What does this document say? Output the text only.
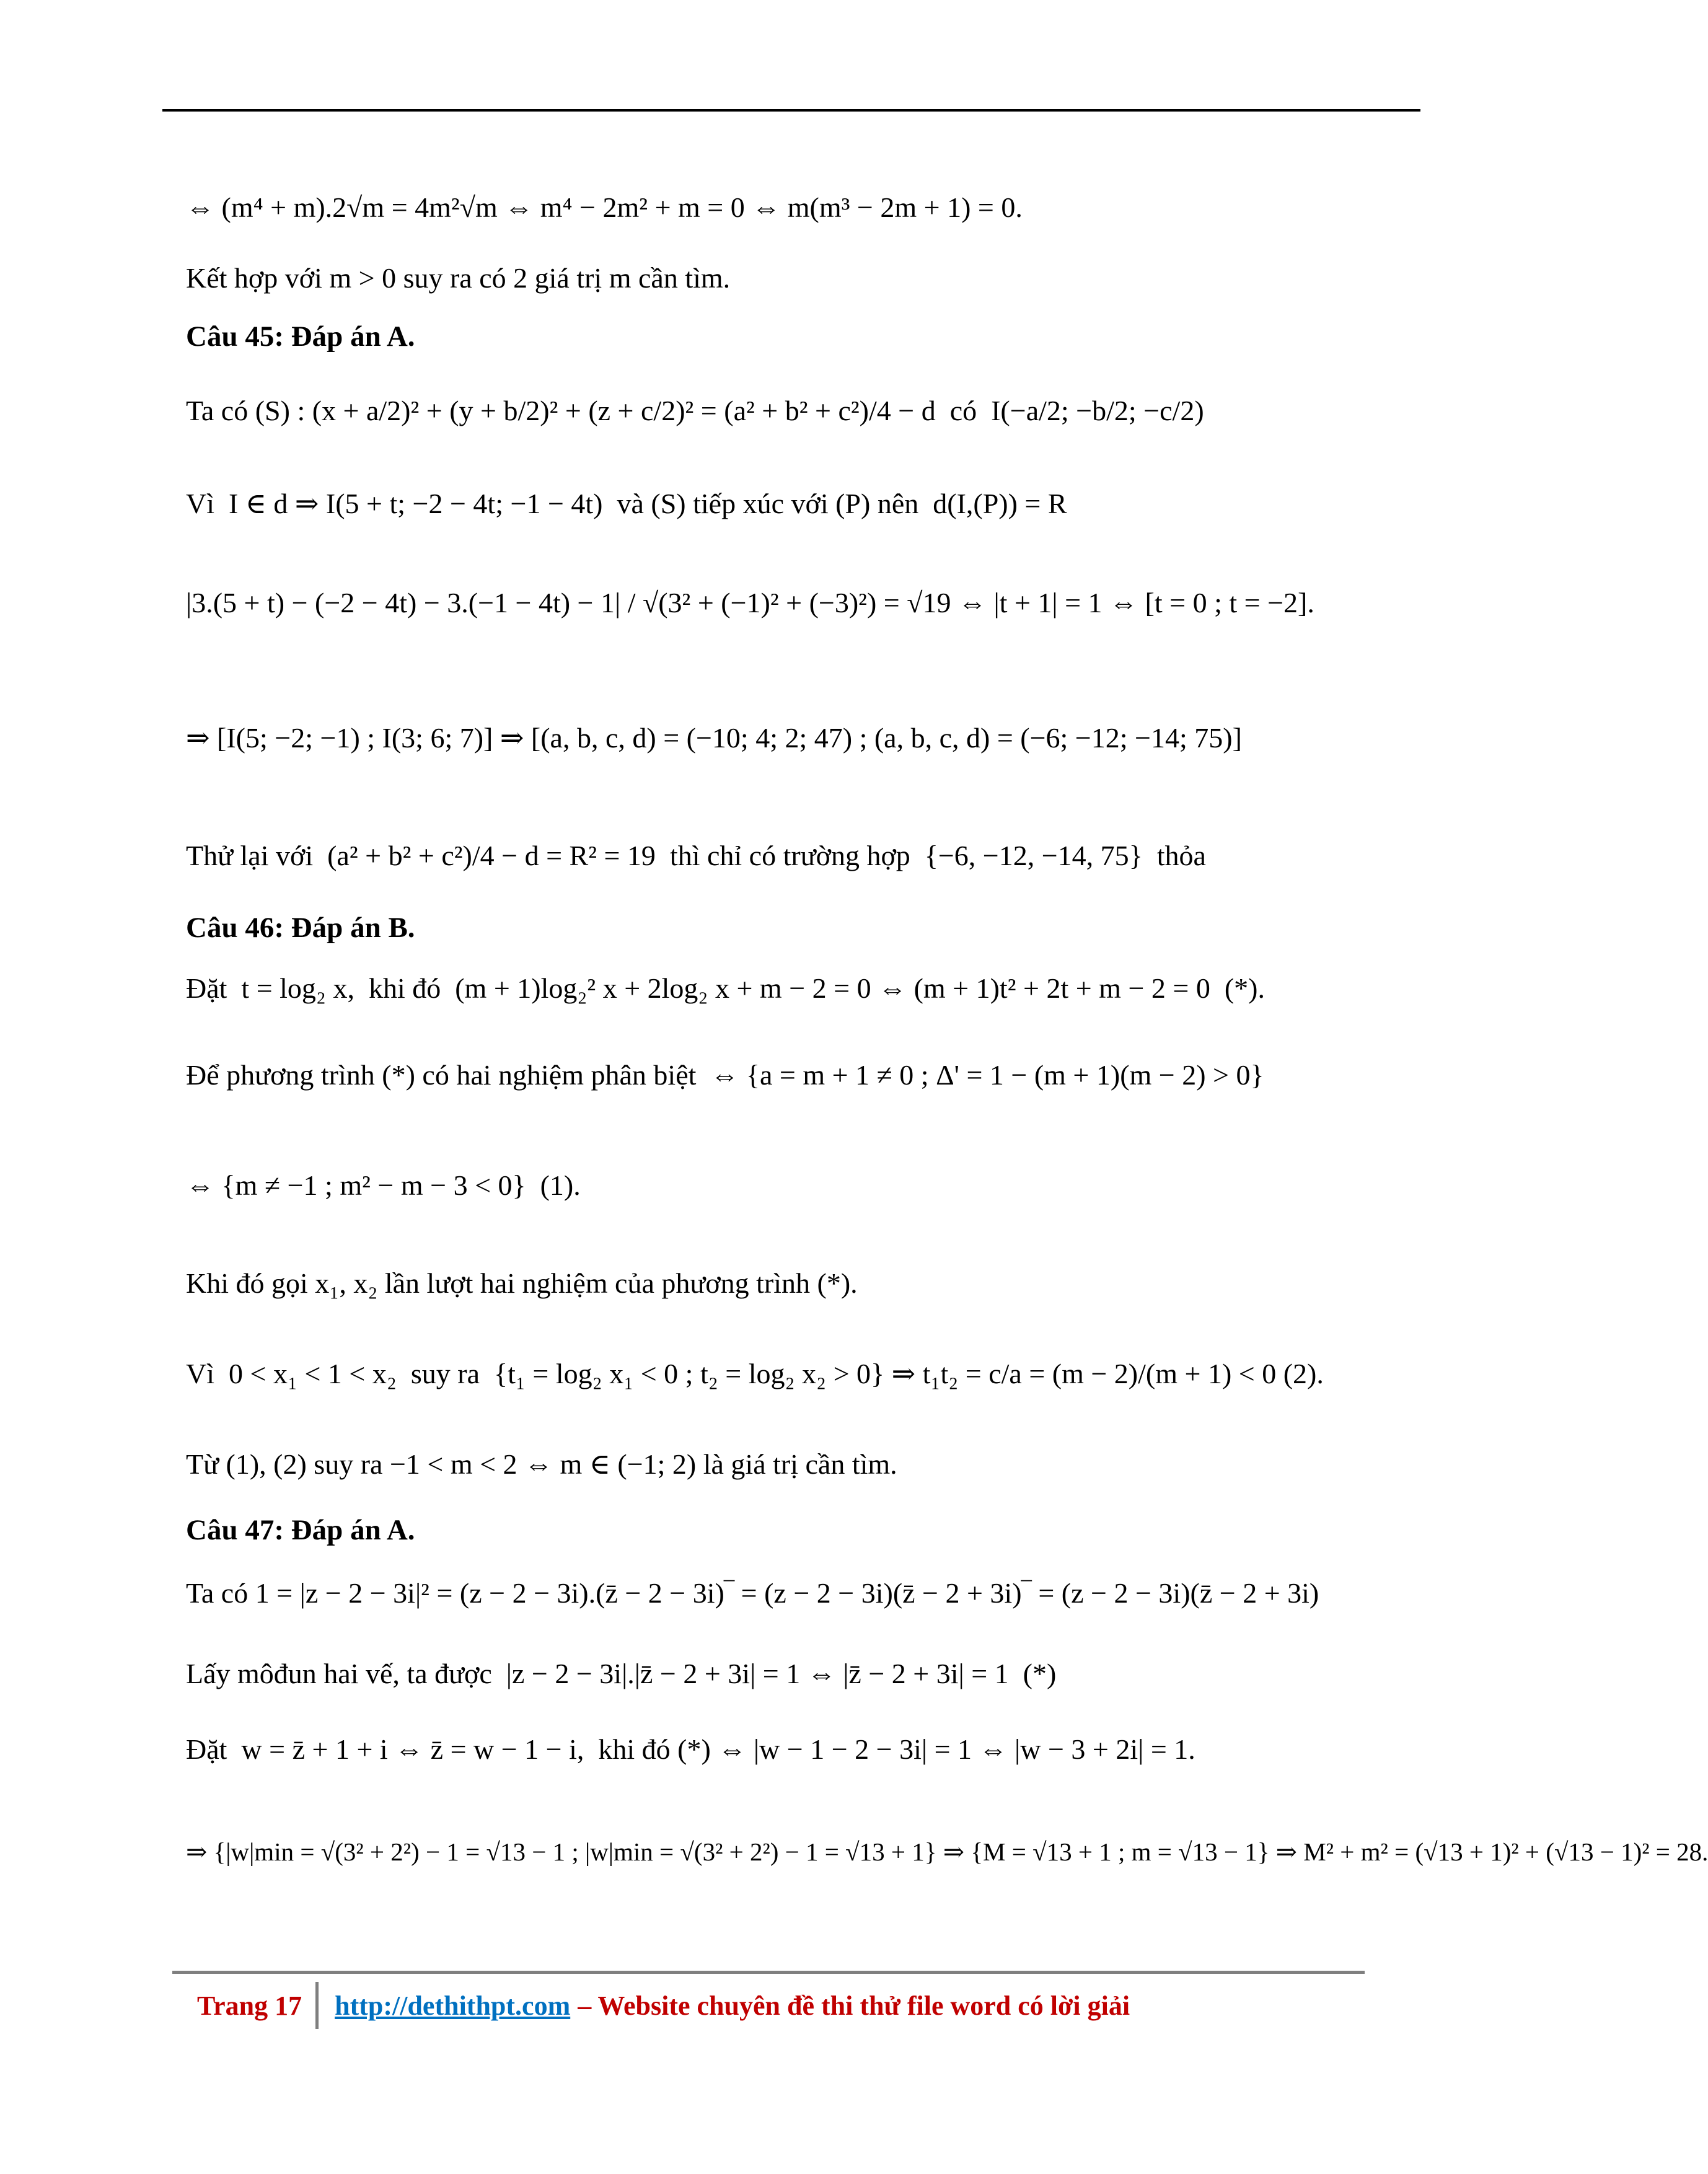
⇔ (m⁴ + m).2√m = 4m²√m ⇔ m⁴ − 2m² + m = 0 ⇔ m(m³ − 2m + 1) = 0.
Kết hợp với m > 0 suy ra có 2 giá trị m cần tìm.
Câu 45: Đáp án A.
Ta có (S) : (x + a/2)² + (y + b/2)² + (z + c/2)² = (a² + b² + c²)/4 − d  có  I(−a/2; −b/2; −c/2)
Vì  I ∈ d ⇒ I(5 + t; −2 − 4t; −1 − 4t)  và (S) tiếp xúc với (P) nên  d(I,(P)) = R
|3.(5 + t) − (−2 − 4t) − 3.(−1 − 4t) − 1| / √(3² + (−1)² + (−3)²) = √19 ⇔ |t + 1| = 1 ⇔ [t = 0 ; t = −2].
⇒ [I(5; −2; −1) ; I(3; 6; 7)] ⇒ [(a, b, c, d) = (−10; 4; 2; 47) ; (a, b, c, d) = (−6; −12; −14; 75)]
Thử lại với  (a² + b² + c²)/4 − d = R² = 19  thì chỉ có trường hợp  {−6, −12, −14, 75}  thỏa
Câu 46: Đáp án B.
Đặt  t = log₂ x,  khi đó  (m + 1)log₂² x + 2log₂ x + m − 2 = 0 ⇔ (m + 1)t² + 2t + m − 2 = 0  (*).
Để phương trình (*) có hai nghiệm phân biệt  ⇔ {a = m + 1 ≠ 0 ; Δ' = 1 − (m + 1)(m − 2) > 0}
⇔ {m ≠ −1 ; m² − m − 3 < 0}  (1).
Khi đó gọi x₁, x₂ lần lượt hai nghiệm của phương trình (*).
Vì  0 < x₁ < 1 < x₂  suy ra  {t₁ = log₂ x₁ < 0 ; t₂ = log₂ x₂ > 0} ⇒ t₁t₂ = c/a = (m − 2)/(m + 1) < 0 (2).
Từ (1), (2) suy ra −1 < m < 2 ⇔ m ∈ (−1; 2) là giá trị cần tìm.
Câu 47: Đáp án A.
Ta có 1 = |z − 2 − 3i|² = (z − 2 − 3i).(z̄ − 2 − 3i)‾ = (z − 2 − 3i)(z̄ − 2 + 3i)‾ = (z − 2 − 3i)(z̄ − 2 + 3i)
Lấy môđun hai vế, ta được  |z − 2 − 3i|.|z̄ − 2 + 3i| = 1 ⇔ |z̄ − 2 + 3i| = 1  (*)
Đặt  w = z̄ + 1 + i ⇔ z̄ = w − 1 − i,  khi đó (*) ⇔ |w − 1 − 2 − 3i| = 1 ⇔ |w − 3 + 2i| = 1.
⇒ {|w|min = √(3² + 2²) − 1 = √13 − 1 ; |w|min = √(3² + 2²) − 1 = √13 + 1} ⇒ {M = √13 + 1 ; m = √13 − 1} ⇒ M² + m² = (√13 + 1)² + (√13 − 1)² = 28.
Trang 17 http://dethithpt.com – Website chuyên đề thi thử file word có lời giải
